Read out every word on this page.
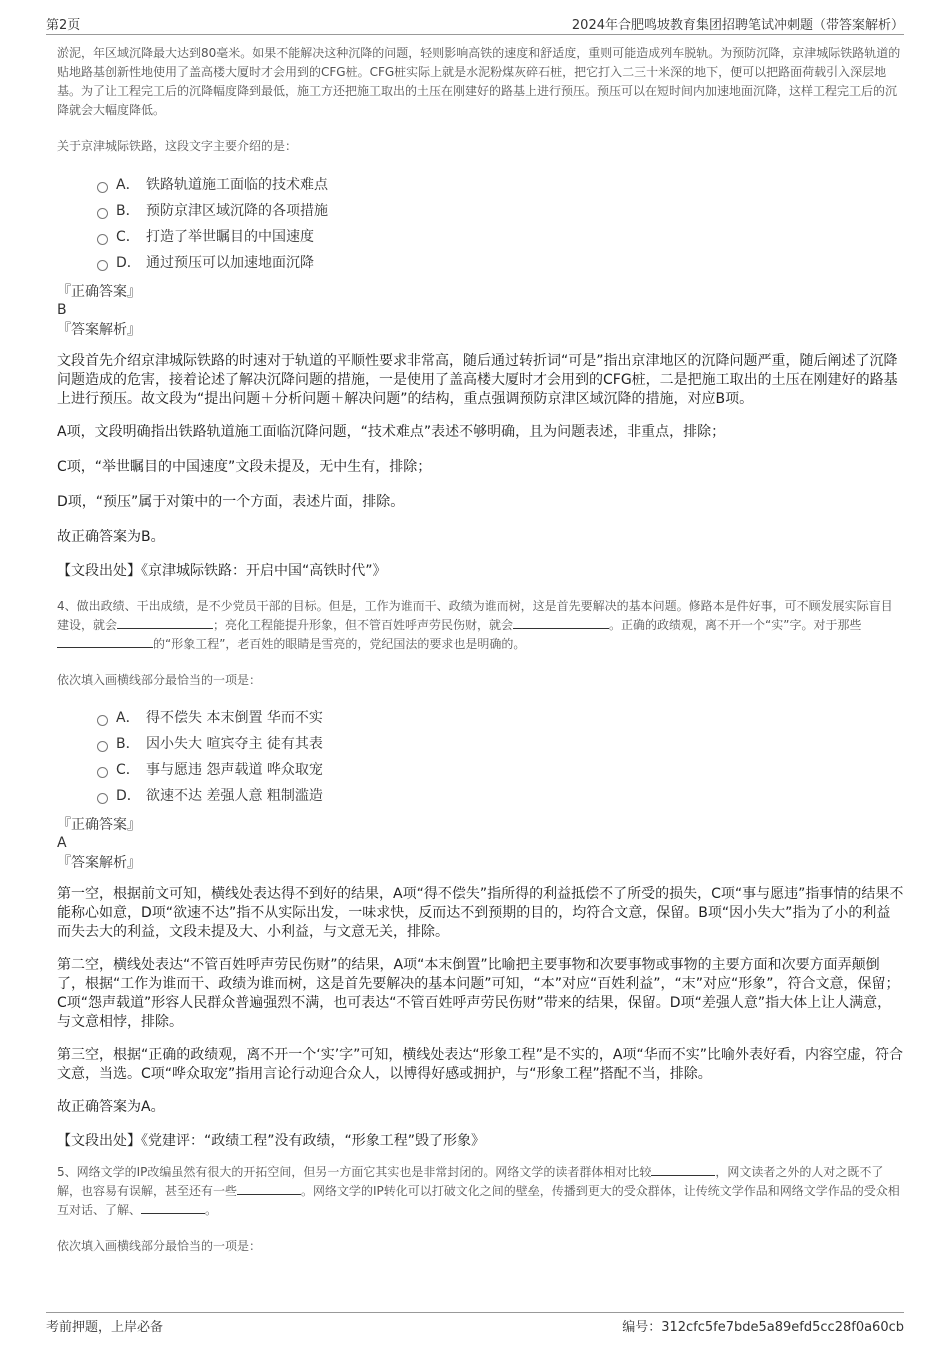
第2页	2024年合肥鸣坡教育集团招聘笔试冲刺题（带答案解析）

淤泥，年区域沉降最大达到80毫米。如果不能解决这种沉降的问题，轻则影响高铁的速度和舒适度，重则可能造成列车脱轨。为预防沉降，京津城际铁路轨道的贴地路基创新性地使用了盖高楼大厦时才会用到的CFG桩。CFG桩实际上就是水泥粉煤灰碎石桩，把它打入二三十米深的地下，便可以把路面荷载引入深层地基。为了让工程完工后的沉降幅度降到最低，施工方还把施工取出的土压在刚建好的路基上进行预压。预压可以在短时间内加速地面沉降，这样工程完工后的沉降就会大幅度降低。

关于京津城际铁路，这段文字主要介绍的是：

A． 铁路轨道施工面临的技术难点
B． 预防京津区域沉降的各项措施
C． 打造了举世瞩目的中国速度
D． 通过预压可以加速地面沉降

『正确答案』

B

『答案解析』

文段首先介绍京津城际铁路的时速对于轨道的平顺性要求非常高，随后通过转折词“可是”指出京津地区的沉降问题严重，随后阐述了沉降问题造成的危害，接着论述了解决沉降问题的措施，一是使用了盖高楼大厦时才会用到的CFG桩，二是把施工取出的土压在刚建好的路基上进行预压。故文段为“提出问题＋分析问题＋解决问题”的结构，重点强调预防京津区域沉降的措施，对应B项。

A项，文段明确指出铁路轨道施工面临沉降问题，“技术难点”表述不够明确，且为问题表述，非重点，排除；

C项，“举世瞩目的中国速度”文段未提及，无中生有，排除；

D项，“预压”属于对策中的一个方面，表述片面，排除。

故正确答案为B。

【文段出处】《京津城际铁路：开启中国“高铁时代”》

4、做出政绩、干出成绩，是不少党员干部的目标。但是，工作为谁而干、政绩为谁而树，这是首先要解决的基本问题。修路本是件好事，可不顾发展实际盲目建设，就会	；亮化工程能提升形象，但不管百姓呼声劳民伤财，就会	。正确的政绩观，离不开一个“实”字。对于那些的“形象工程”，老百姓的眼睛是雪亮的，党纪国法的要求也是明确的。

依次填入画横线部分最恰当的一项是：

A． 得不偿失 本末倒置 华而不实
B． 因小失大 喧宾夺主 徒有其表
C． 事与愿违 怨声载道 哗众取宠
D． 欲速不达 差强人意 粗制滥造

『正确答案』

A

『答案解析』

第一空，根据前文可知，横线处表达得不到好的结果，A项“得不偿失”指所得的利益抵偿不了所受的损失，C项“事与愿违”指事情的结果不能称心如意，D项“欲速不达”指不从实际出发，一味求快，反而达不到预期的目的，均符合文意，保留。B项“因小失大”指为了小的利益而失去大的利益，文段未提及大、小利益，与文意无关，排除。

第二空，横线处表达“不管百姓呼声劳民伤财”的结果，A项“本末倒置”比喻把主要事物和次要事物或事物的主要方面和次要方面弄颠倒了，根据“工作为谁而干、政绩为谁而树，这是首先要解决的基本问题”可知，“本”对应“百姓利益”，“末”对应“形象”，符合文意，保留；C项“怨声载道”形容人民群众普遍强烈不满，也可表达“不管百姓呼声劳民伤财”带来的结果，保留。D项“差强人意”指大体上让人满意，与文意相悖，排除。

第三空，根据“正确的政绩观，离不开一个‘实’字”可知，横线处表达“形象工程”是不实的，A项“华而不实”比喻外表好看，内容空虚，符合文意，当选。C项“哗众取宠”指用言论行动迎合众人，以博得好感或拥护，与“形象工程”搭配不当，排除。

故正确答案为A。

【文段出处】《党建评：“政绩工程”没有政绩，“形象工程”毁了形象》

5、网络文学的IP改编虽然有很大的开拓空间，但另一方面它其实也是非常封闭的。网络文学的读者群体相对比较	，网文读者之外的人对之既不了解，也容易有误解，甚至还有一些	。网络文学的IP转化可以打破文化之间的壁垒，传播到更大的受众群体，让传统文学作品和网络文学作品的受众相互对话、了解、	。

依次填入画横线部分最恰当的一项是：

考前押题，上岸必备	编号：312cfc5fe7bde5a89efd5cc28f0a60cb
